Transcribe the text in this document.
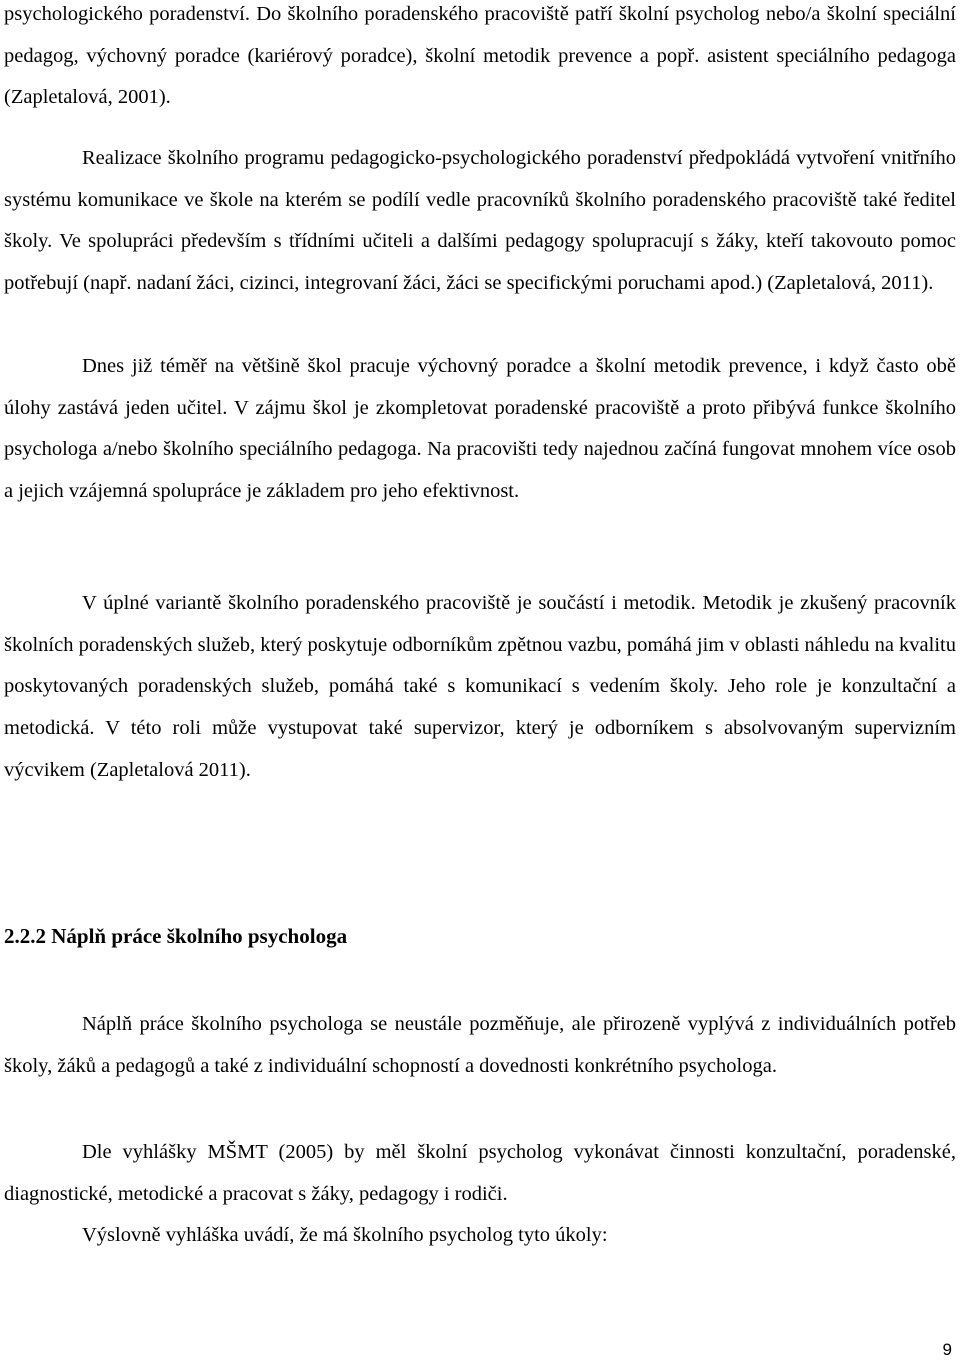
psychologického poradenství. Do školního poradenského pracoviště patří školní psycholog nebo/a školní speciální pedagog, výchovný poradce (kariérový poradce), školní metodik prevence a popř. asistent speciálního pedagoga (Zapletalová, 2001).

Realizace školního programu pedagogicko-psychologického poradenství předpokládá vytvoření vnitřního systému komunikace ve škole na kterém se podílí vedle pracovníků školního poradenského pracoviště také ředitel školy. Ve spolupráci především s třídními učiteli a dalšími pedagogy spolupracují s žáky, kteří takovouto pomoc potřebují (např. nadaní žáci, cizinci, integrovaní žáci, žáci se specifickými poruchami apod.) (Zapletalová, 2011).

Dnes již téměř na většině škol pracuje výchovný poradce a školní metodik prevence, i když často obě úlohy zastává jeden učitel. V zájmu škol je zkompletovat poradenské pracoviště a proto přibývá funkce školního psychologa a/nebo školního speciálního pedagoga. Na pracovišti tedy najednou začíná fungovat mnohem více osob a jejich vzájemná spolupráce je základem pro jeho efektivnost.

V úplné variantě školního poradenského pracoviště je součástí i metodik. Metodik je zkušený pracovník školních poradenských služeb, který poskytuje odborníkům zpětnou vazbu, pomáhá jim v oblasti náhledu na kvalitu poskytovaných poradenských služeb, pomáhá také s komunikací s vedením školy. Jeho role je konzultační a metodická. V této roli může vystupovat také supervizor, který je odborníkem s absolvovaným supervizním výcvikem (Zapletalová 2011).

2.2.2 Náplň práce školního psychologa

Náplň práce školního psychologa se neustále pozměňuje, ale přirozeně vyplývá z individuálních potřeb školy, žáků a pedagogů a také z individuální schopností a dovednosti konkrétního psychologa.

Dle vyhlášky MŠMT (2005) by měl školní psycholog vykonávat činnosti konzultační, poradenské, diagnostické, metodické a pracovat s žáky, pedagogy i rodiči.

Výslovně vyhláška uvádí, že má školního psycholog tyto úkoly:

9
